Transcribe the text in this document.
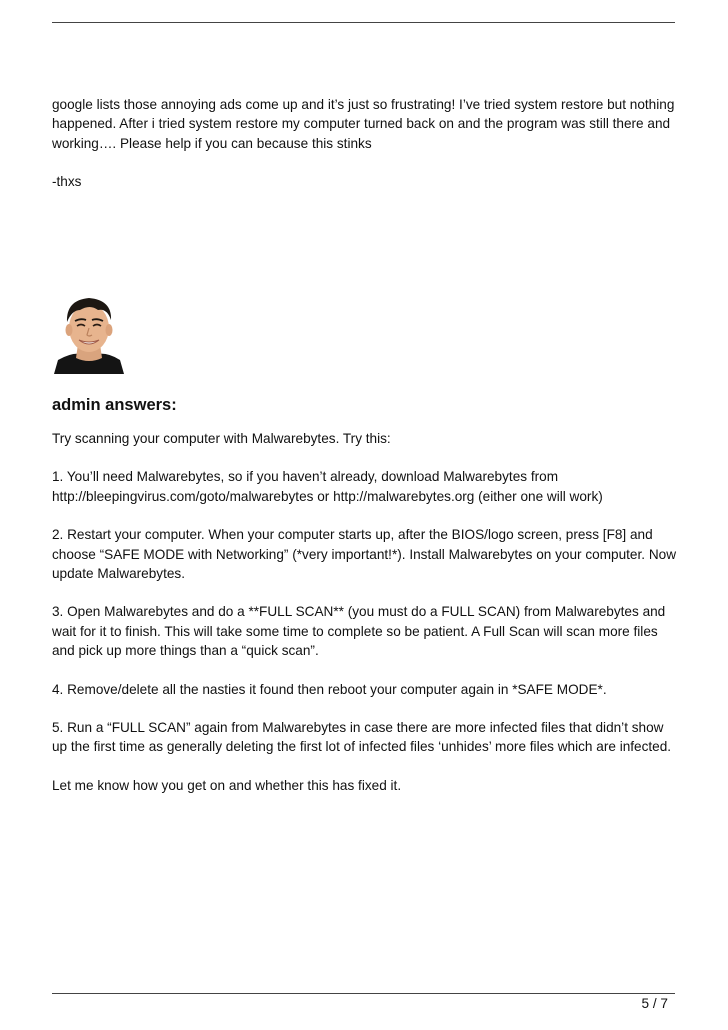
google lists those annoying ads come up and it’s just so frustrating! I’ve tried system restore but nothing happened. After i tried system restore my computer turned back on and the program was still there and working…. Please help if you can because this stinks

-thxs

admin answers:

Try scanning your computer with Malwarebytes. Try this:

1. You’ll need Malwarebytes, so if you haven’t already, download Malwarebytes from http://bleepingvirus.com/goto/malwarebytes or http://malwarebytes.org (either one will work)

2. Restart your computer. When your computer starts up, after the BIOS/logo screen, press [F8] and choose “SAFE MODE with Networking” (*very important!*). Install Malwarebytes on your computer. Now update Malwarebytes.

3. Open Malwarebytes and do a **FULL SCAN** (you must do a FULL SCAN) from Malwarebytes and wait for it to finish. This will take some time to complete so be patient. A Full Scan will scan more files and pick up more things than a “quick scan”.

4. Remove/delete all the nasties it found then reboot your computer again in *SAFE MODE*.

5. Run a “FULL SCAN” again from Malwarebytes in case there are more infected files that didn’t show up the first time as generally deleting the first lot of infected files ‘unhides’ more files which are infected.

Let me know how you get on and whether this has fixed it.

5 / 7
